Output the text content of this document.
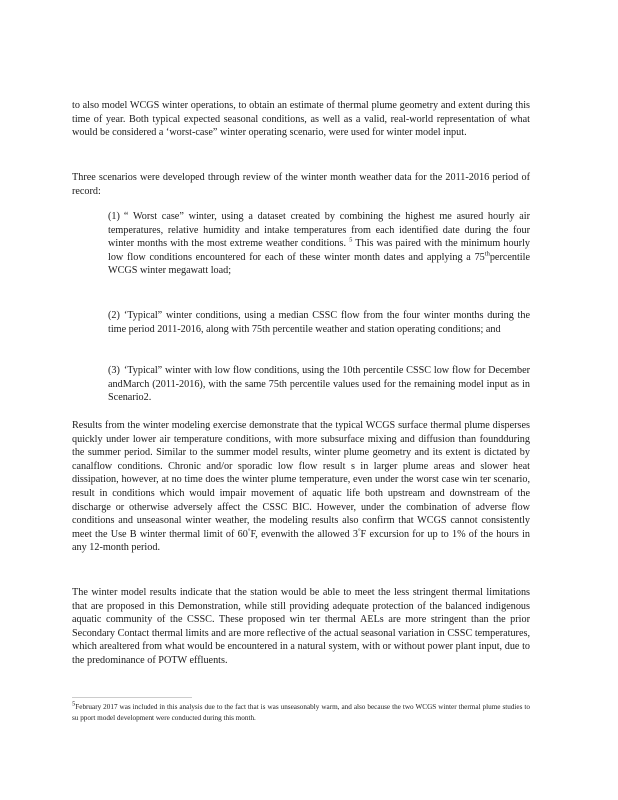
to also model WCGS winter operations, to obtain an estimate of thermal plume geometry and extent during this time of year. Both typical expected seasonal conditions, as well as a valid, real-world representation of what would be considered a ‘worst-case” winter operating scenario, were used for winter model input.

Three scenarios were developed through review of the winter month weather data for the 2011-2016 period of record:

(1) “ Worst case” winter, using a dataset created by combining the highest me asured hourly air temperatures, relative humidity and intake temperatures from each identified date during the four winter months with the most extreme weather conditions. $^5$ This was paired with the minimum hourly low flow conditions encountered for each of these winter month dates and applying a 75thpercentile WCGS winter megawatt load;

(2) ‘Typical” winter conditions, using a median CSSC flow from the four winter months during the time period 2011-2016, along with 75th percentile weather and station operating conditions; and

(3) ‘Typical” winter with low flow conditions, using the 10th percentile CSSC low flow for December andMarch (2011-2016), with the same 75th percentile values used for the remaining model input as in Scenario2.

Results from the winter modeling exercise demonstrate that the typical WCGS surface thermal plume disperses quickly under lower air temperature conditions, with more subsurface mixing and diffusion than foundduring the summer period. Similar to the summer model results, winter plume geometry and its extent is dictated by canalflow conditions. Chronic and/or sporadic low flow result s in larger plume areas and slower heat dissipation, however, at no time does the winter plume temperature, even under the worst case win ter scenario, result in conditions which would impair movement of aquatic life both upstream and downstream of the discharge or otherwise adversely affect the CSSC BIC. However, under the combination of adverse flow conditions and unseasonal winter weather, the modeling results also confirm that WCGS cannot consistently meet the Use B winter thermal limit of 60°F, evenwith the allowed 3°F excursion for up to 1% of the hours in any 12-month period.

The winter model results indicate that the station would be able to meet the less stringent thermal limitations that are proposed in this Demonstration, while still providing adequate protection of the balanced indigenous aquatic community of the CSSC. These proposed win ter thermal AELs are more stringent than the prior Secondary Contact thermal limits and are more reflective of the actual seasonal variation in CSSC temperatures, which arealtered from what would be encountered in a natural system, with or without power plant input, due to the predominance of POTW effluents.

$^5$February 2017 was included in this analysis due to the fact that is was unseasonably warm, and also because the two WCGS winter thermal plume studies to su pport model development were conducted during this month.
